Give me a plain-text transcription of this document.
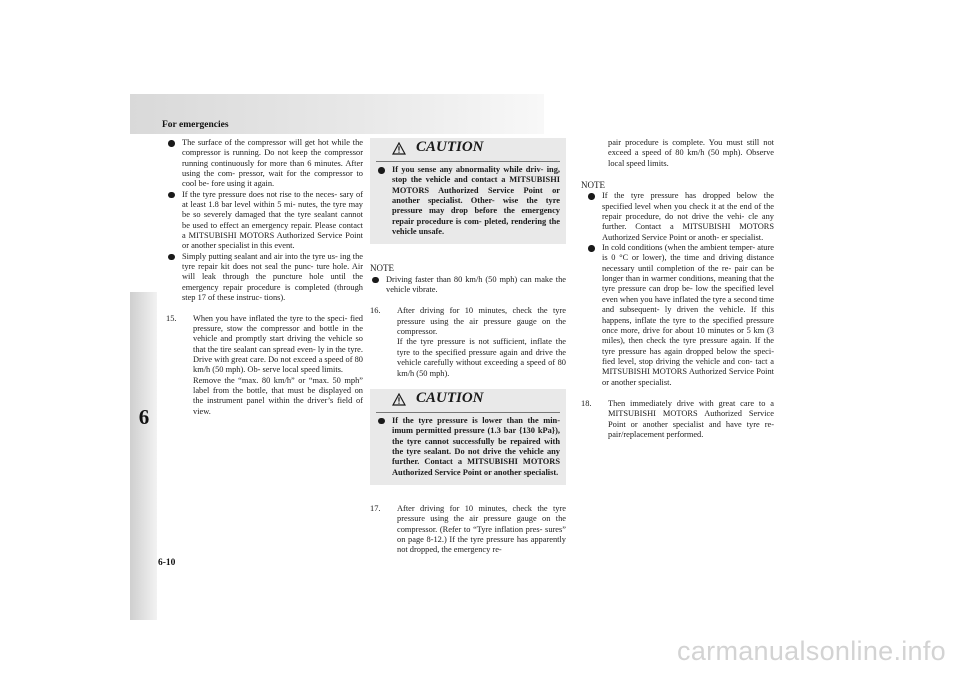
For emergencies
6
6-10

The surface of the compressor will get hot while the compressor is running. Do not keep the compressor running continuously for more than 6 minutes. After using the com- pressor, wait for the compressor to cool be- fore using it again.

If the tyre pressure does not rise to the neces- sary of at least 1.8 bar level within 5 mi- nutes, the tyre may be so severely damaged that the tyre sealant cannot be used to effect an emergency repair. Please contact a MITSUBISHI MOTORS Authorized Service Point or another specialist in this event.

Simply putting sealant and air into the tyre us- ing the tyre repair kit does not seal the punc- ture hole. Air will leak through the puncture hole until the emergency repair procedure is completed (through step 17 of these instruc- tions).

15. When you have inflated the tyre to the speci- fied pressure, stow the compressor and bottle in the vehicle and promptly start driving the vehicle so that the tire sealant can spread even- ly in the tyre. Drive with great care. Do not exceed a speed of 80 km/h (50 mph). Ob- serve local speed limits.

Remove the “max. 80 km/h” or “max. 50 mph” label from the bottle, that must be displayed on the instrument panel within the driver’s field of view.

CAUTION

If you sense any abnormality while driv- ing, stop the vehicle and contact a MITSUBISHI MOTORS Authorized Service Point or another specialist. Other- wise the tyre pressure may drop before the emergency repair procedure is com- pleted, rendering the vehicle unsafe.

NOTE

Driving faster than 80 km/h (50 mph) can make the vehicle vibrate.

16. After driving for 10 minutes, check the tyre pressure using the air pressure gauge on the compressor.

If the tyre pressure is not sufficient, inflate the tyre to the specified pressure again and drive the vehicle carefully without exceeding a speed of 80 km/h (50 mph).

CAUTION

If the tyre pressure is lower than the min- imum permitted pressure (1.3 bar {130 kPa}), the tyre cannot successfully be repaired with the tyre sealant. Do not drive the vehicle any further. Contact a MITSUBISHI MOTORS Authorized Service Point or another specialist.

17. After driving for 10 minutes, check the tyre pressure using the air pressure gauge on the compressor. (Refer to “Tyre inflation pres- sures” on page 8-12.) If the tyre pressure has apparently not dropped, the emergency re-

pair procedure is complete. You must still not exceed a speed of 80 km/h (50 mph). Observe local speed limits.

NOTE

If the tyre pressure has dropped below the specified level when you check it at the end of the repair procedure, do not drive the vehi- cle any further. Contact a MITSUBISHI MOTORS Authorized Service Point or anoth- er specialist.

In cold conditions (when the ambient temper- ature is 0 °C or lower), the time and driving distance necessary until completion of the re- pair can be longer than in warmer conditions, meaning that the tyre pressure can drop be- low the specified level even when you have inflated the tyre a second time and subsequent- ly driven the vehicle. If this happens, inflate the tyre to the specified pressure once more, drive for about 10 minutes or 5 km (3 miles), then check the tyre pressure again. If the tyre pressure has again dropped below the speci- fied level, stop driving the vehicle and con- tact a MITSUBISHI MOTORS Authorized Service Point or another specialist.

18. Then immediately drive with great care to a MITSUBISHI MOTORS Authorized Service Point or another specialist and have tyre re- pair/replacement performed.

carmanualsonline.info
